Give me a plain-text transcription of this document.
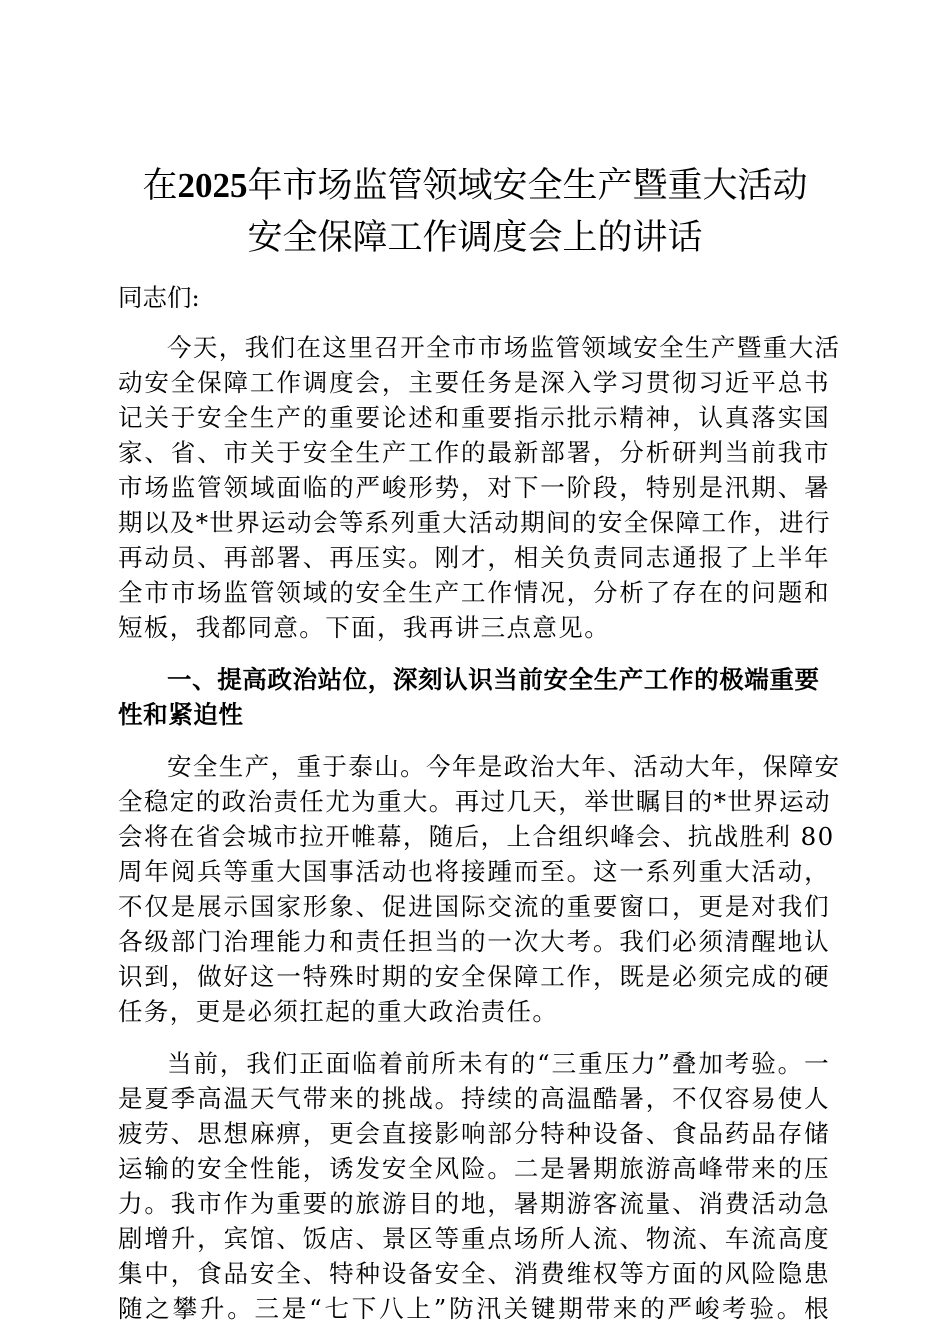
在2025年市场监管领域安全生产暨重大活动
安全保障工作调度会上的讲话

同志们:

今天，我们在这里召开全市市场监管领域安全生产暨重大活
动安全保障工作调度会，主要任务是深入学习贯彻习近平总书
记关于安全生产的重要论述和重要指示批示精神，认真落实国
家、省、市关于安全生产工作的最新部署，分析研判当前我市
市场监管领域面临的严峻形势，对下一阶段，特别是汛期、暑
期以及*世界运动会等系列重大活动期间的安全保障工作，进行
再动员、再部署、再压实。刚才，相关负责同志通报了上半年
全市市场监管领域的安全生产工作情况，分析了存在的问题和
短板，我都同意。下面，我再讲三点意见。

一、提高政治站位，深刻认识当前安全生产工作的极端重要
性和紧迫性

安全生产，重于泰山。今年是政治大年、活动大年，保障安
全稳定的政治责任尤为重大。再过几天，举世瞩目的*世界运动
会将在省会城市拉开帷幕，随后，上合组织峰会、抗战胜利 80
周年阅兵等重大国事活动也将接踵而至。这一系列重大活动，
不仅是展示国家形象、促进国际交流的重要窗口，更是对我们
各级部门治理能力和责任担当的一次大考。我们必须清醒地认
识到，做好这一特殊时期的安全保障工作，既是必须完成的硬
任务，更是必须扛起的重大政治责任。

当前，我们正面临着前所未有的“三重压力”叠加考验。一
是夏季高温天气带来的挑战。持续的高温酷暑，不仅容易使人
疲劳、思想麻痹，更会直接影响部分特种设备、食品药品存储
运输的安全性能，诱发安全风险。二是暑期旅游高峰带来的压
力。我市作为重要的旅游目的地，暑期游客流量、消费活动急
剧增升，宾馆、饭店、景区等重点场所人流、物流、车流高度
集中，食品安全、特种设备安全、消费维权等方面的风险隐患
随之攀升。三是“七下八上”防汛关键期带来的严峻考验。根
